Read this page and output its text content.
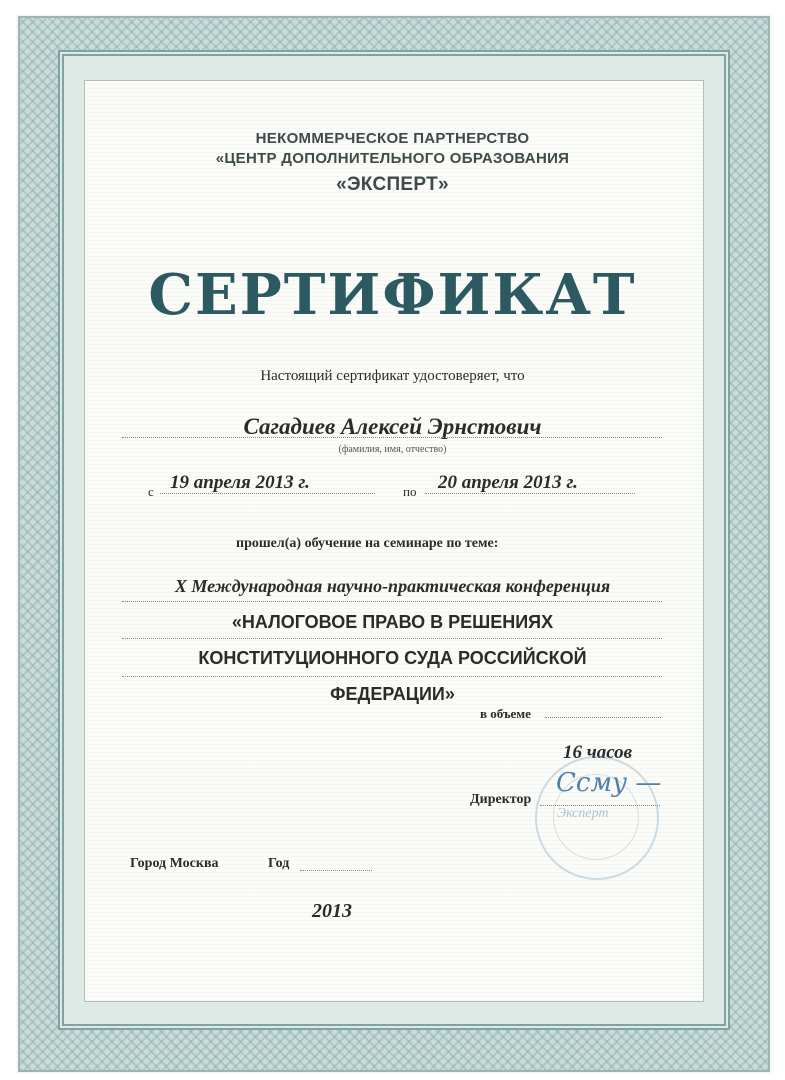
НЕКОММЕРЧЕСКОЕ ПАРТНЕРСТВО
«ЦЕНТР ДОПОЛНИТЕЛЬНОГО ОБРАЗОВАНИЯ
«ЭКСПЕРТ»
СЕРТИФИКАТ
Настоящий сертификат удостоверяет, что
Сагадиев Алексей Эрнстович
(фамилия, имя, отчество)
с 19 апреля 2013 г.	по 20 апреля 2013 г.
прошел(а) обучение на семинаре по теме:
X Международная научно-практическая конференция
«НАЛОГОВОЕ ПРАВО В РЕШЕНИЯХ
КОНСТИТУЦИОННОГО СУДА РОССИЙСКОЙ
ФЕДЕРАЦИИ»
в объеме
16 часов
Эксперт
Директор
Ссму —
Город Москва	Год
2013
